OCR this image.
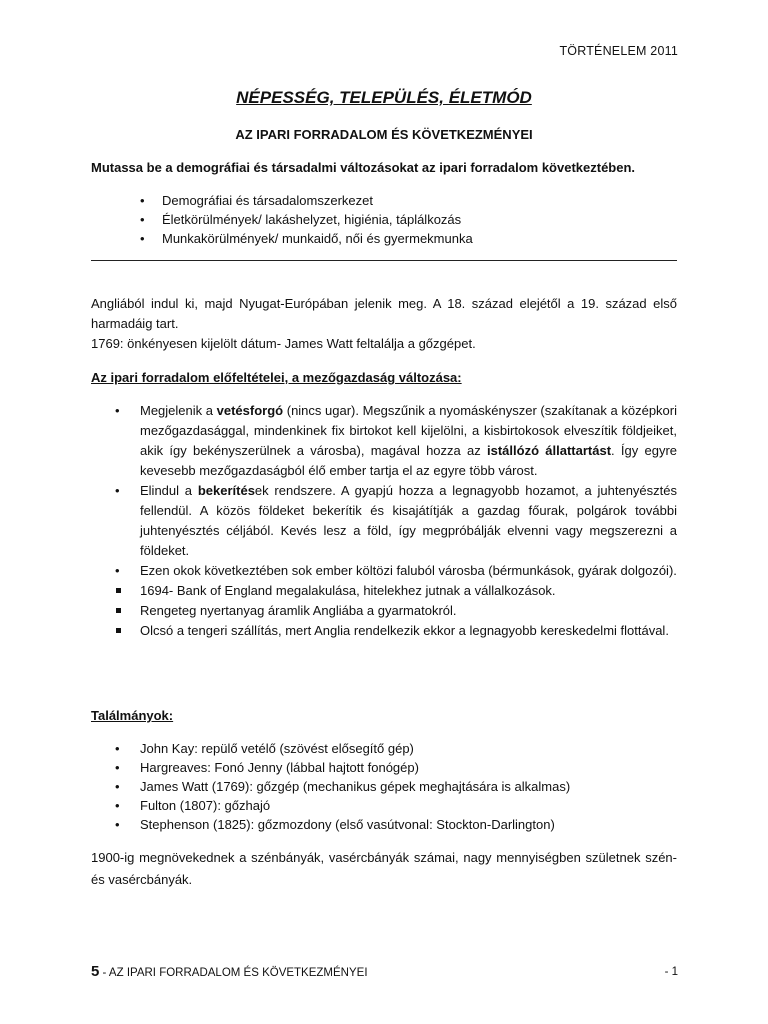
TÖRTÉNELEM 2011
NÉPESSÉG, TELEPÜLÉS, ÉLETMÓD
AZ IPARI FORRADALOM ÉS KÖVETKEZMÉNYEI
Mutassa be a demográfiai és társadalmi változásokat az ipari forradalom következtében.
• Demográfiai és társadalomszerkezet
• Életkörülmények/ lakáshelyzet, higiénia, táplálkozás
• Munkakörülmények/ munkaidő, női és gyermekmunka

Angliából indul ki, majd Nyugat-Európában jelenik meg. A 18. század elejétől a 19. század első harmadáig tart.

1769: önkényesen kijelölt dátum- James Watt feltalálja a gőzgépet.

Az ipari forradalom előfeltételei, a mezőgazdaság változása:
• Megjelenik a vetésforgó (nincs ugar). Megszűnik a nyomáskényszer (szakítanak a középkori mezőgazdasággal, mindenkinek fix birtokot kell kijelölni, a kisbirtokosok elveszítik földjeiket, akik így bekényszerülnek a városba), magával hozza az istállózó állattartást. Így egyre kevesebb mezőgazdaságból élő ember tartja el az egyre több várost.
• Elindul a bekerítések rendszere. A gyapjú hozza a legnagyobb hozamot, a juhtenyésztés fellendül. A közös földeket bekerítik és kisajátítják a gazdag főurak, polgárok további juhtenyésztés céljából. Kevés lesz a föld, így megpróbálják elvenni vagy megszerezni a földeket.
• Ezen okok következtében sok ember költözi faluból városba (bérmunkások, gyárak dolgozói).
1694- Bank of England megalakulása, hitelekhez jutnak a vállalkozások.
Rengeteg nyertanyag áramlik Angliába a gyarmatokról.
Olcsó a tengeri szállítás, mert Anglia rendelkezik ekkor a legnagyobb kereskedelmi flottával.
Találmányok:
• John Kay: repülő vetélő (szövést elősegítő gép)
• Hargreaves: Fonó Jenny (lábbal hajtott fonógép)
• James Watt (1769): gőzgép (mechanikus gépek meghajtására is alkalmas)
• Fulton (1807): gőzhajó
• Stephenson (1825): gőzmozdony (első vasútvonal: Stockton-Darlington)
1900-ig megnövekednek a szénbányák, vasércbányák számai, nagy mennyiségben születnek szén- és vasércbányák.
5 - AZ IPARI FORRADALOM ÉS KÖVETKEZMÉNYEI	- 1
